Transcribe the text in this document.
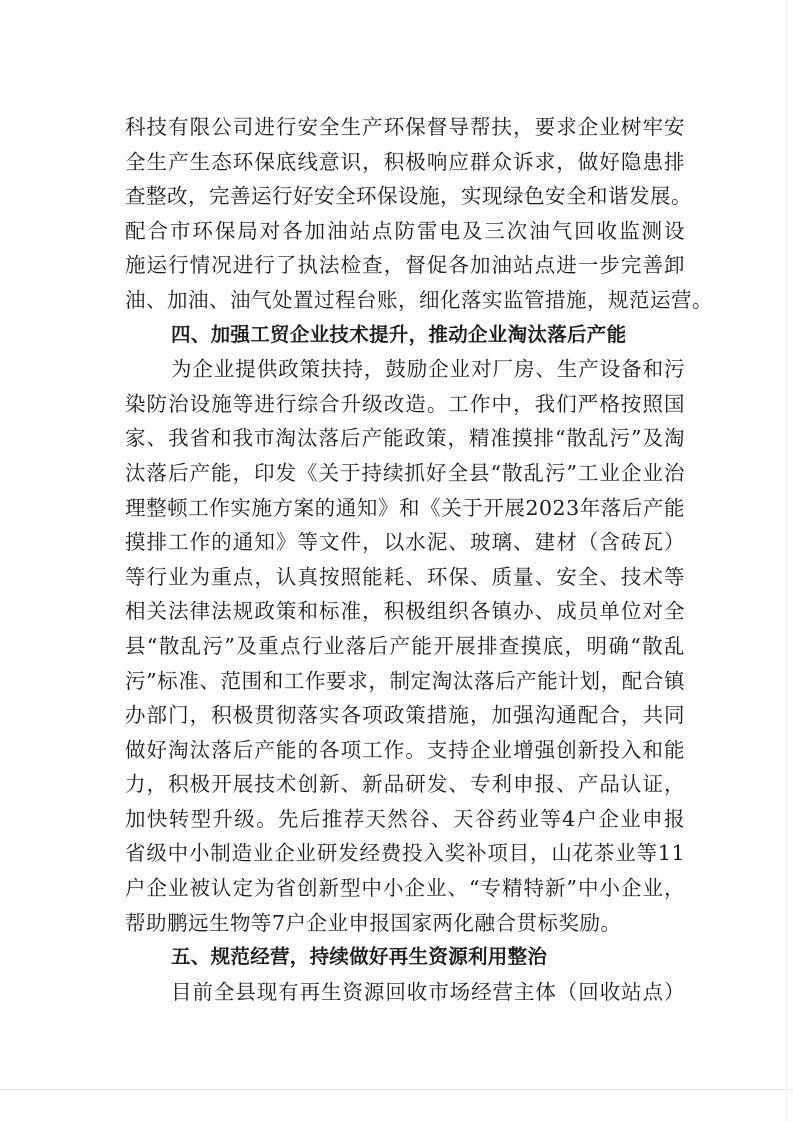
科技有限公司进行安全生产环保督导帮扶，要求企业树牢安
全生产生态环保底线意识，积极响应群众诉求，做好隐患排
查整改，完善运行好安全环保设施，实现绿色安全和谐发展。
配合市环保局对各加油站点防雷电及三次油气回收监测设
施运行情况进行了执法检查，督促各加油站点进一步完善卸
油、加油、油气处置过程台账，细化落实监管措施，规范运营。
四、加强工贸企业技术提升，推动企业淘汰落后产能
为企业提供政策扶持，鼓励企业对厂房、生产设备和污
染防治设施等进行综合升级改造。工作中，我们严格按照国
家、我省和我市淘汰落后产能政策，精准摸排“散乱污”及淘
汰落后产能，印发《关于持续抓好全县“散乱污”工业企业治
理整顿工作实施方案的通知》和《关于开展2023年落后产能
摸排工作的通知》等文件，以水泥、玻璃、建材（含砖瓦）
等行业为重点，认真按照能耗、环保、质量、安全、技术等
相关法律法规政策和标准，积极组织各镇办、成员单位对全
县“散乱污”及重点行业落后产能开展排查摸底，明确“散乱
污”标准、范围和工作要求，制定淘汰落后产能计划，配合镇
办部门，积极贯彻落实各项政策措施，加强沟通配合，共同
做好淘汰落后产能的各项工作。支持企业增强创新投入和能
力，积极开展技术创新、新品研发、专利申报、产品认证，
加快转型升级。先后推荐天然谷、天谷药业等4户企业申报
省级中小制造业企业研发经费投入奖补项目，山花茶业等11
户企业被认定为省创新型中小企业、“专精特新”中小企业，
帮助鹏远生物等7户企业申报国家两化融合贯标奖励。
五、规范经营，持续做好再生资源利用整治
目前全县现有再生资源回收市场经营主体（回收站点）
